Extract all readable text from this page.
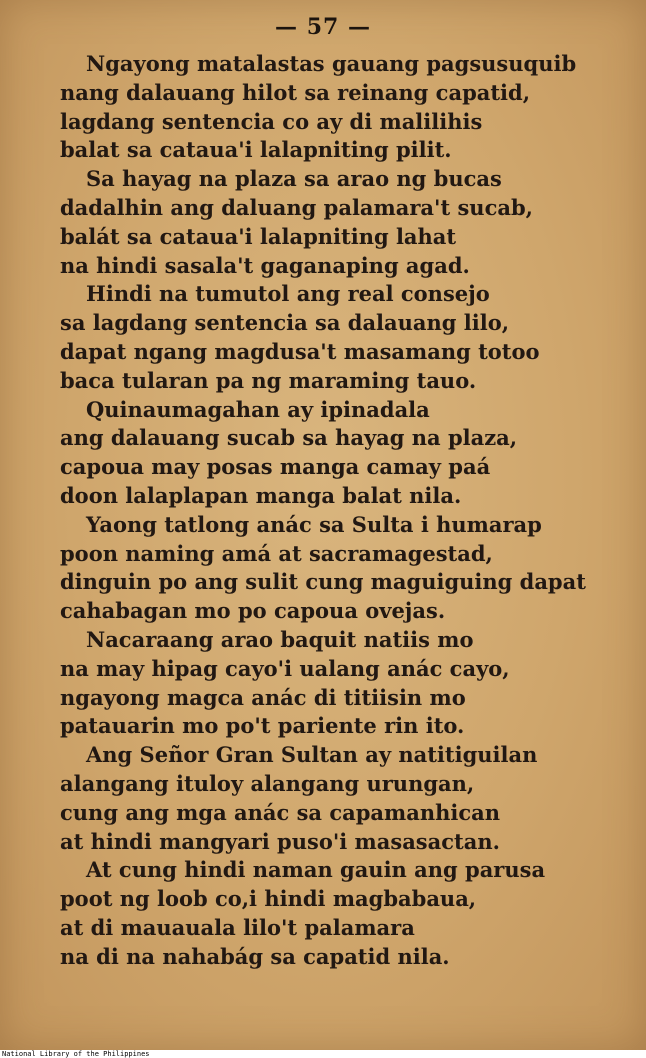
— 57 —
Ngayong matalastas gauang pagsusuquib
nang dalauang hilot sa reinang capatid,
lagdang sentencia co ay di malilihis
balat sa cataua'i lalapniting pilit.
Sa hayag na plaza sa arao ng bucas
dadalhin ang daluang palamara't sucab,
balát sa cataua'i lalapniting lahat
na hindi sasala't gaganaping agad.
Hindi na tumutol ang real consejo
sa lagdang sentencia sa dalauang lilo,
dapat ngang magdusa't masamang totoo
baca tularan pa ng maraming tauo.
Quinaumagahan ay ipinadala
ang dalauang sucab sa hayag na plaza,
capoua may posas manga camay paá
doon lalaplapan manga balat nila.
Yaong tatlong anác sa Sulta i humarap
poon naming amá at sacramagestad,
dinguin po ang sulit cung maguiguing dapat
cahabagan mo po capoua ovejas.
Nacaraang arao baquit natiis mo
na may hipag cayo'i ualang anác cayo,
ngayong magca anác di titiisin mo
patauarin mo po't pariente rin ito.
Ang Señor Gran Sultan ay natitiguilan
alangang ituloy alangang urungan,
cung ang mga anác sa capamanhican
at hindi mangyari puso'i masasactan.
At cung hindi naman gauin ang parusa
poot ng loob co,i hindi magbabaua,
at di mauauala lilo't palamara
na di na nahabág sa capatid nila.
National Library of the Philippines
